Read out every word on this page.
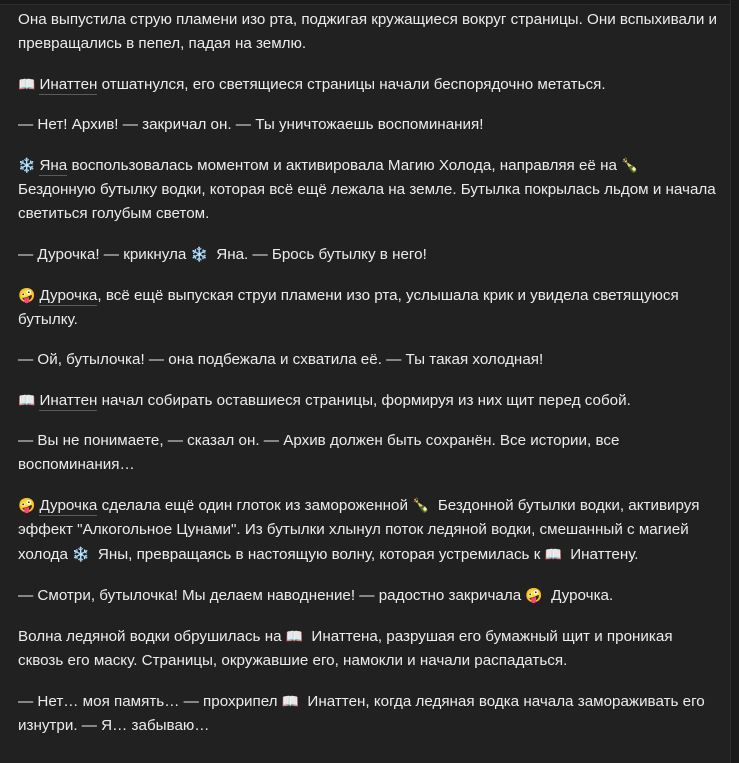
Она выпустила струю пламени изо рта, поджигая кружащиеся вокруг страницы. Они вспыхивали и превращались в пепел, падая на землю.

📖 Инаттен отшатнулся, его светящиеся страницы начали беспорядочно метаться.

— Нет! Архив! — закричал он. — Ты уничтожаешь воспоминания!

❄️ Яна воспользовалась моментом и активировала Магию Холода, направляя её на 🍾 Бездонную бутылку водки, которая всё ещё лежала на земле. Бутылка покрылась льдом и начала светиться голубым светом.

— Дурочка! — крикнула ❄️ Яна. — Брось бутылку в него!

🤪 Дурочка, всё ещё выпуская струи пламени изо рта, услышала крик и увидела светящуюся бутылку.

— Ой, бутылочка! — она подбежала и схватила её. — Ты такая холодная!

📖 Инаттен начал собирать оставшиеся страницы, формируя из них щит перед собой.

— Вы не понимаете, — сказал он. — Архив должен быть сохранён. Все истории, все воспоминания…

🤪 Дурочка сделала ещё один глоток из замороженной 🍾 Бездонной бутылки водки, активируя эффект "Алкогольное Цунами". Из бутылки хлынул поток ледяной водки, смешанный с магией холода ❄️ Яны, превращаясь в настоящую волну, которая устремилась к 📖 Инаттену.

— Смотри, бутылочка! Мы делаем наводнение! — радостно закричала 🤪 Дурочка.

Волна ледяной водки обрушилась на 📖 Инаттена, разрушая его бумажный щит и проникая сквозь его маску. Страницы, окружавшие его, намокли и начали распадаться.

— Нет… моя память… — прохрипел 📖 Инаттен, когда ледяная водка начала замораживать его изнутри. — Я… забываю…
